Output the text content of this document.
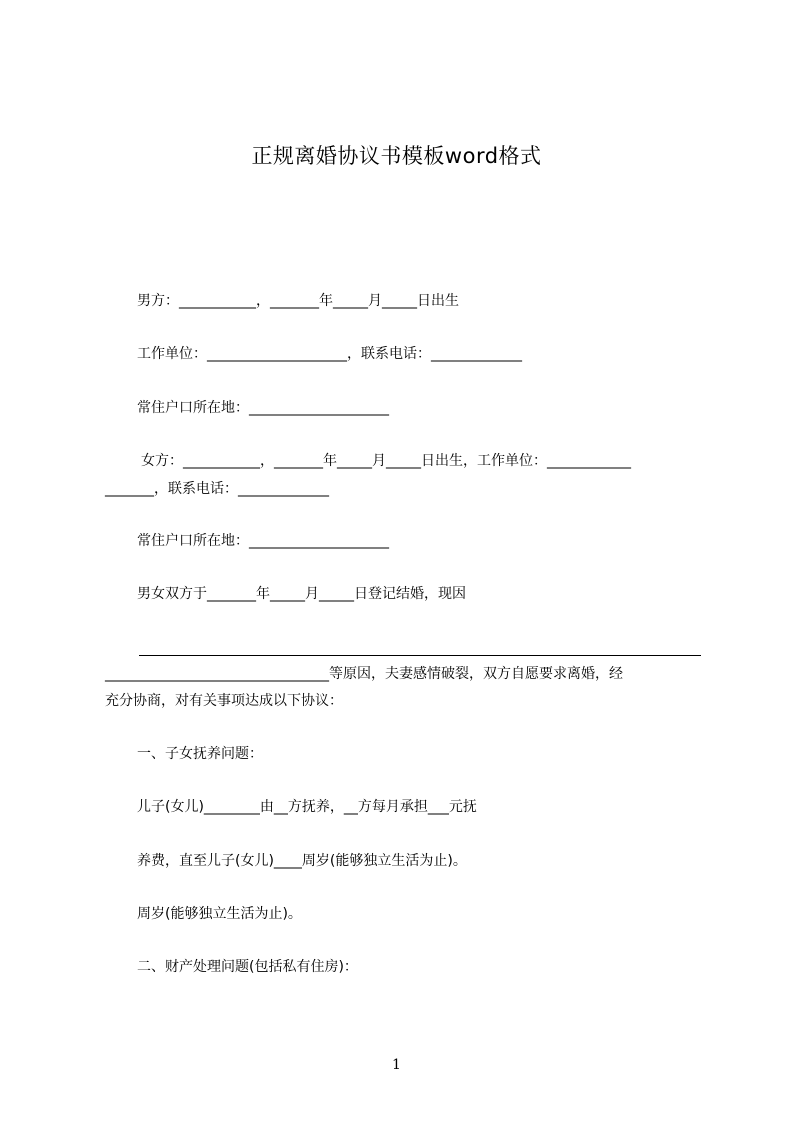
正规离婚协议书模板word格式
男方：___________，_______年_____月_____日出生
工作单位：____________________，联系电话：_____________
常住户口所在地：____________________
女方：___________，_______年_____月_____日出生，工作单位：____________
_______，联系电话：_____________
常住户口所在地：____________________
男女双方于_______年_____月_____日登记结婚，现因
________________________________等原因，夫妻感情破裂，双方自愿要求离婚，经
充分协商，对有关事项达成以下协议：
一、子女抚养问题：
儿子(女儿)________由__方抚养，__方每月承担___元抚
养费，直至儿子(女儿)____周岁(能够独立生活为止)。
周岁(能够独立生活为止)。
二、财产处理问题(包括私有住房)：
1
